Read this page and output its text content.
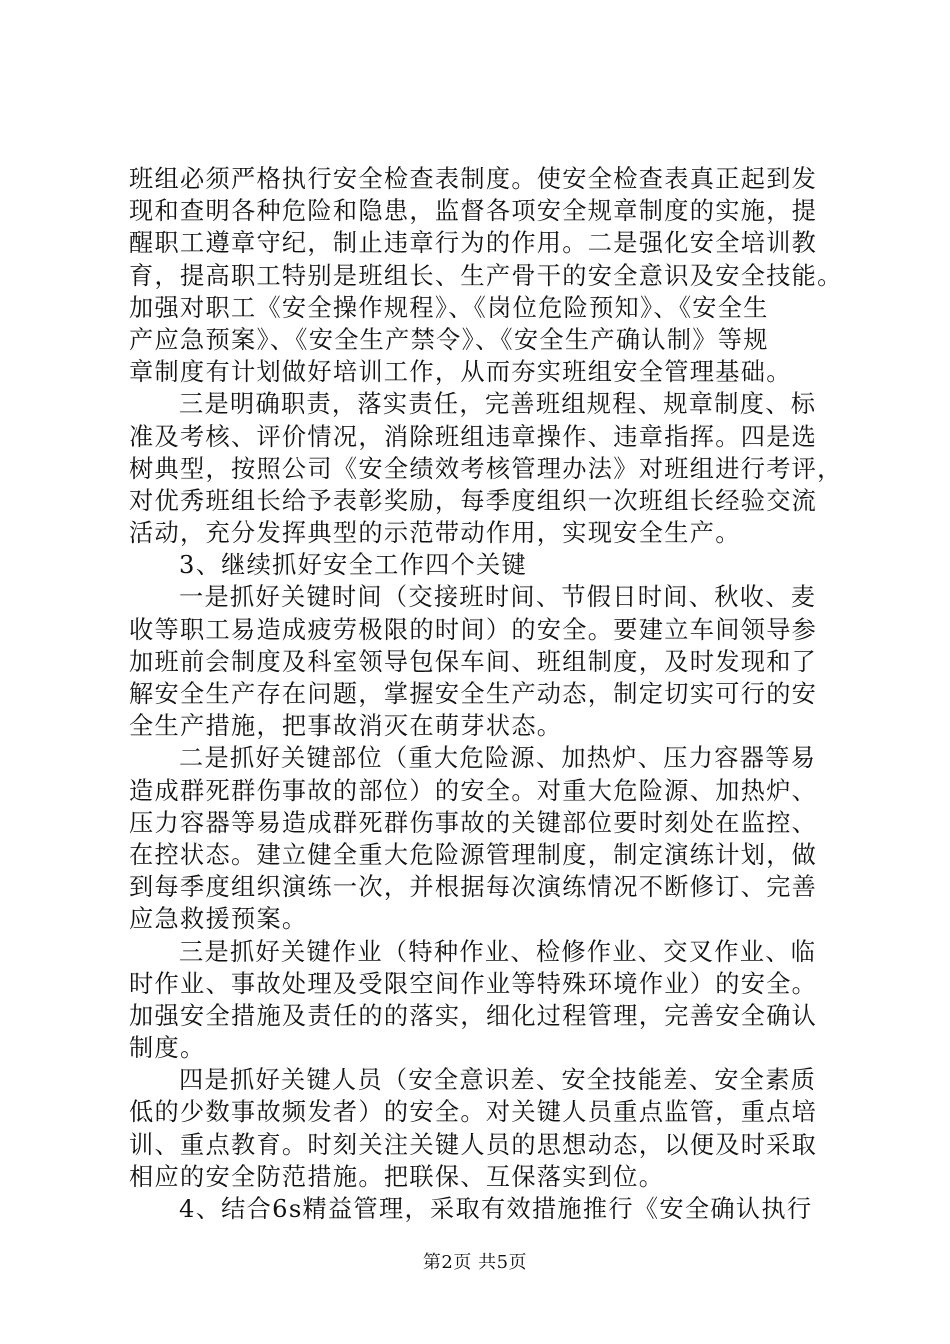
班组必须严格执行安全检查表制度。使安全检查表真正起到发
现和查明各种危险和隐患，监督各项安全规章制度的实施，提
醒职工遵章守纪，制止违章行为的作用。二是强化安全培训教
育，提高职工特别是班组长、生产骨干的安全意识及安全技能。
加强对职工《安全操作规程》、《岗位危险预知》、《安全生
产应急预案》、《安全生产禁令》、《安全生产确认制》等规
章制度有计划做好培训工作，从而夯实班组安全管理基础。
三是明确职责，落实责任，完善班组规程、规章制度、标
准及考核、评价情况，消除班组违章操作、违章指挥。四是选
树典型，按照公司《安全绩效考核管理办法》对班组进行考评，
对优秀班组长给予表彰奖励，每季度组织一次班组长经验交流
活动，充分发挥典型的示范带动作用，实现安全生产。
3、继续抓好安全工作四个关键
一是抓好关键时间（交接班时间、节假日时间、秋收、麦
收等职工易造成疲劳极限的时间）的安全。要建立车间领导参
加班前会制度及科室领导包保车间、班组制度，及时发现和了
解安全生产存在问题，掌握安全生产动态，制定切实可行的安
全生产措施，把事故消灭在萌芽状态。
二是抓好关键部位（重大危险源、加热炉、压力容器等易
造成群死群伤事故的部位）的安全。对重大危险源、加热炉、
压力容器等易造成群死群伤事故的关键部位要时刻处在监控、
在控状态。建立健全重大危险源管理制度，制定演练计划，做
到每季度组织演练一次，并根据每次演练情况不断修订、完善
应急救援预案。
三是抓好关键作业（特种作业、检修作业、交叉作业、临
时作业、事故处理及受限空间作业等特殊环境作业）的安全。
加强安全措施及责任的的落实，细化过程管理，完善安全确认
制度。
四是抓好关键人员（安全意识差、安全技能差、安全素质
低的少数事故频发者）的安全。对关键人员重点监管，重点培
训、重点教育。时刻关注关键人员的思想动态，以便及时采取
相应的安全防范措施。把联保、互保落实到位。
4、结合6s精益管理，采取有效措施推行《安全确认执行
第2页 共5页
